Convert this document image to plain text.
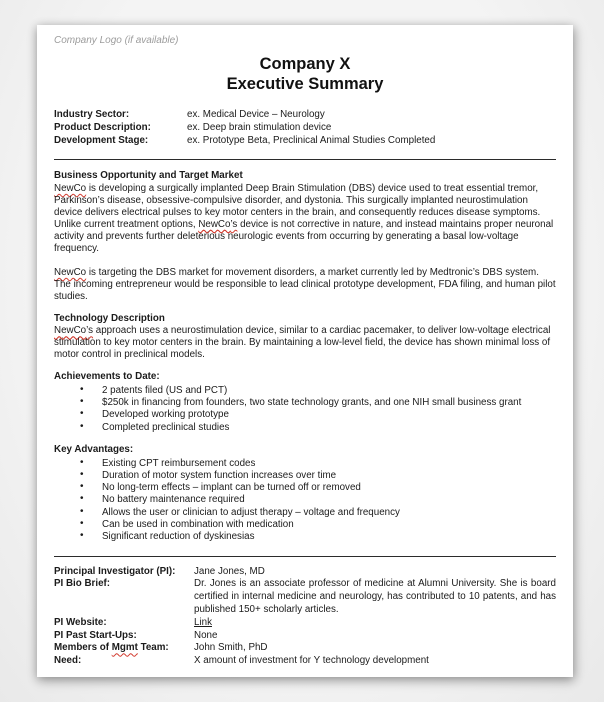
Company Logo (if available)
Company X
Executive Summary
Industry Sector:	ex. Medical Device – Neurology
Product Description:	ex. Deep brain stimulation device
Development Stage:	ex. Prototype Beta, Preclinical Animal Studies Completed
Business Opportunity and Target Market

NewCo is developing a surgically implanted Deep Brain Stimulation (DBS) device used to treat essential tremor, Parkinson’s disease, obsessive-compulsive disorder, and dystonia. This surgically implanted neurostimulation device delivers electrical pulses to key motor centers in the brain, and consequently reduces disease symptoms. Unlike current treatment options, NewCo’s device is not corrective in nature, and instead maintains proper neuronal activity and prevents further deleterious neurologic events from occurring by generating a basal low-voltage frequency.

NewCo is targeting the DBS market for movement disorders, a market currently led by Medtronic’s DBS system. The incoming entrepreneur would be responsible to lead clinical prototype development, FDA filing, and human pilot studies.

Technology Description

NewCo’s approach uses a neurostimulation device, similar to a cardiac pacemaker, to deliver low-voltage electrical stimulation to key motor centers in the brain. By maintaining a low-level field, the device has shown minimal loss of motor control in preclinical models.

Achievements to Date:
• 2 patents filed (US and PCT)
• $250k in financing from founders, two state technology grants, and one NIH small business grant
• Developed working prototype
• Completed preclinical studies
Key Advantages:
• Existing CPT reimbursement codes
• Duration of motor system function increases over time
• No long-term effects – implant can be turned off or removed
• No battery maintenance required
• Allows the user or clinician to adjust therapy – voltage and frequency
• Can be used in combination with medication
• Significant reduction of dyskinesias
Principal Investigator (PI):	Jane Jones, MD
PI Bio Brief:	Dr. Jones is an associate professor of medicine at Alumni University. She is board certified in internal medicine and neurology, has contributed to 10 patents, and has published 150+ scholarly articles.
PI Website:	Link
PI Past Start-Ups:	None
Members of Mgmt Team:	John Smith, PhD
Need:	X amount of investment for Y technology development
